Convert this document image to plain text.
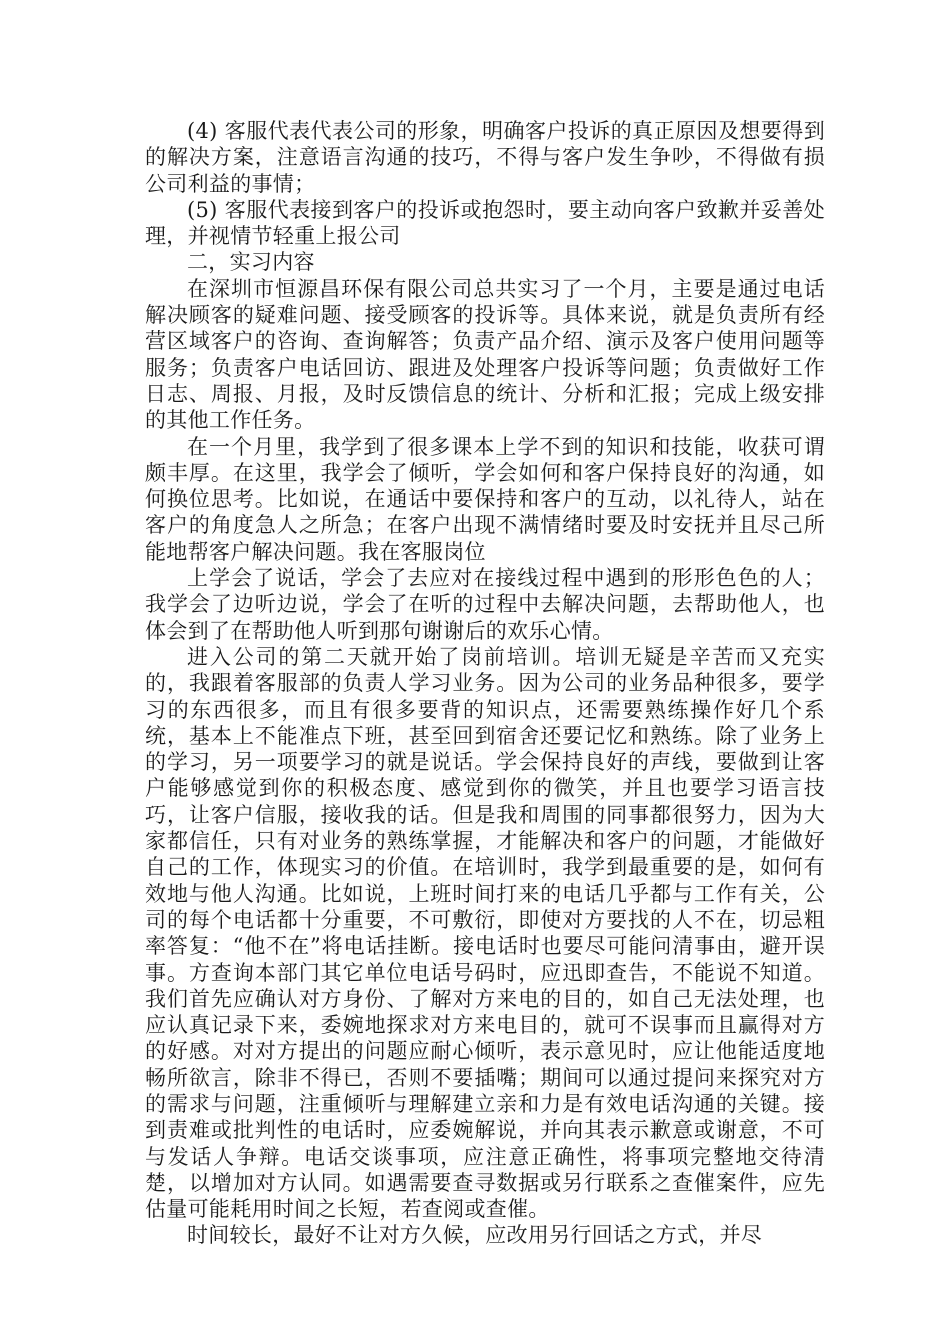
(4) 客服代表代表公司的形象，明确客户投诉的真正原因及想要得到的解决方案，注意语言沟通的技巧，不得与客户发生争吵，不得做有损公司利益的事情；

(5) 客服代表接到客户的投诉或抱怨时，要主动向客户致歉并妥善处理，并视情节轻重上报公司

二，实习内容

在深圳市恒源昌环保有限公司总共实习了一个月，主要是通过电话解决顾客的疑难问题、接受顾客的投诉等。具体来说，就是负责所有经营区域客户的咨询、查询解答；负责产品介绍、演示及客户使用问题等服务；负责客户电话回访、跟进及处理客户投诉等问题；负责做好工作日志、周报、月报，及时反馈信息的统计、分析和汇报；完成上级安排的其他工作任务。

在一个月里，我学到了很多课本上学不到的知识和技能，收获可谓颇丰厚。在这里，我学会了倾听，学会如何和客户保持良好的沟通，如何换位思考。比如说，在通话中要保持和客户的互动，以礼待人，站在客户的角度急人之所急；在客户出现不满情绪时要及时安抚并且尽己所能地帮客户解决问题。我在客服岗位

上学会了说话，学会了去应对在接线过程中遇到的形形色色的人；我学会了边听边说，学会了在听的过程中去解决问题，去帮助他人，也体会到了在帮助他人听到那句谢谢后的欢乐心情。

进入公司的第二天就开始了岗前培训。培训无疑是辛苦而又充实的，我跟着客服部的负责人学习业务。因为公司的业务品种很多，要学习的东西很多，而且有很多要背的知识点，还需要熟练操作好几个系统，基本上不能准点下班，甚至回到宿舍还要记忆和熟练。除了业务上的学习，另一项要学习的就是说话。学会保持良好的声线，要做到让客户能够感觉到你的积极态度、感觉到你的微笑，并且也要学习语言技巧，让客户信服，接收我的话。但是我和周围的同事都很努力，因为大家都信任，只有对业务的熟练掌握，才能解决和客户的问题，才能做好自己的工作，体现实习的价值。在培训时，我学到最重要的是，如何有效地与他人沟通。比如说，上班时间打来的电话几乎都与工作有关，公司的每个电话都十分重要，不可敷衍，即使对方要找的人不在，切忌粗率答复：“他不在”将电话挂断。接电话时也要尽可能问清事由，避开误事。方查询本部门其它单位电话号码时，应迅即查告，不能说不知道。我们首先应确认对方身份、了解对方来电的目的，如自己无法处理，也应认真记录下来，委婉地探求对方来电目的，就可不误事而且赢得对方的好感。对对方提出的问题应耐心倾听，表示意见时，应让他能适度地畅所欲言，除非不得已，否则不要插嘴；期间可以通过提问来探究对方的需求与问题，注重倾听与理解建立亲和力是有效电话沟通的关键。接到责难或批判性的电话时，应委婉解说，并向其表示歉意或谢意，不可与发话人争辩。电话交谈事项，应注意正确性，将事项完整地交待清楚，以增加对方认同。如遇需要查寻数据或另行联系之查催案件，应先估量可能耗用时间之长短，若查阅或查催。

时间较长，最好不让对方久候，应改用另行回话之方式，并尽
